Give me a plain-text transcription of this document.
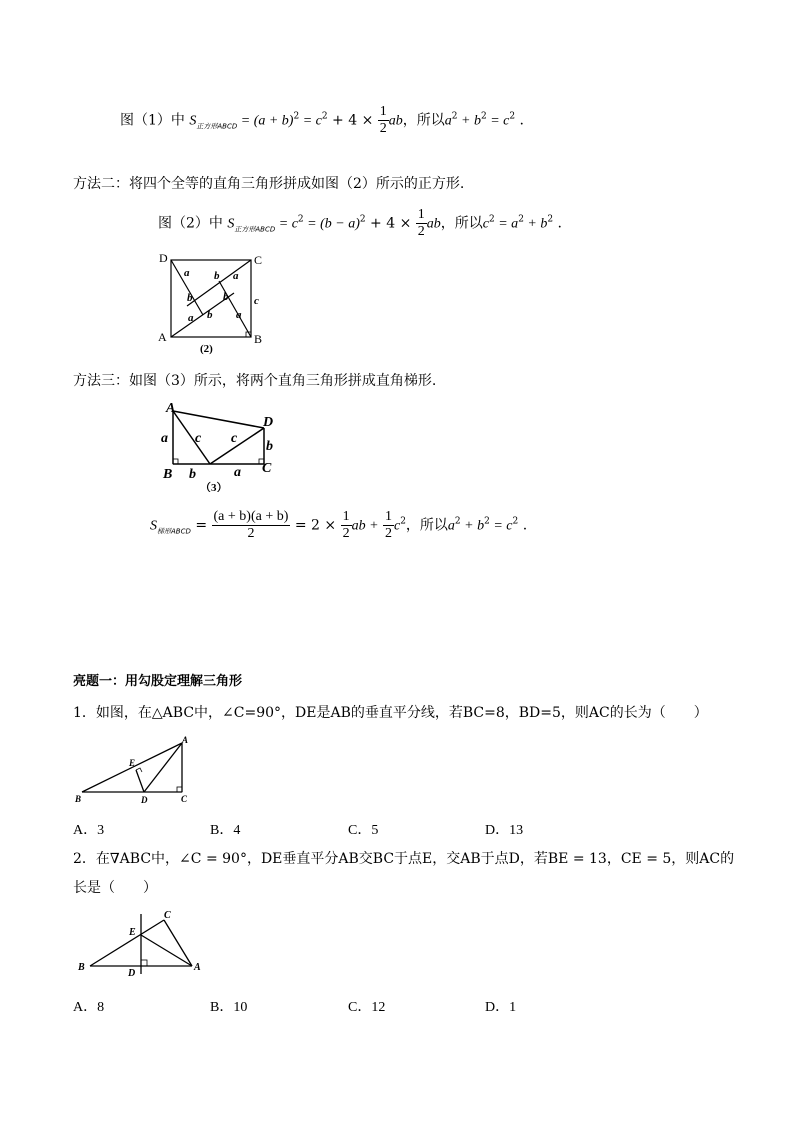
图（1）中 $S_{正方形ABCD} = (a + b)^2 = c^2 + 4 \times \frac{1}{2}$ ab，所以$a^2 + b^2 = c^2$ .
方法二：将四个全等的直角三角形拼成如图（2）所示的正方形.
图（2）中 $S_{正方形ABCD} = c^2 = (b - a)^2 + 4 \times \frac{1}{2}$ ab，所以$c^2 = a^2 + b^2$ .
D	C
A	B
a b a
b	b c
a	a
b
(2)
方法三：如图（3）所示，将两个直角三角形拼成直角梯形.
A
D
B	C
a c c
b
b	a
（3）
$S_{梯形ABCD} = \frac{(a + b)(a + b)}{2} = 2 \times \frac{1}{2}$ ab + $\frac{1}{2} c^2$，所以$a^2 + b^2 = c^2$ .
亮题一：用勾股定理解三角形
1．如图，在△ABC中，∠C=90°，DE是AB的垂直平分线，若BC=8，BD=5，则AC的长为（　　）
A
E
B	D	C
A．3	B．4	C．5	D．13
2．在∇ABC中，∠C = 90°，DE垂直平分AB交BC于点E，交AB于点D，若BE = 13，CE = 5，则AC的
长是（　　）
C
E
B
D
A
A．8	B．10	C．12	D．1
